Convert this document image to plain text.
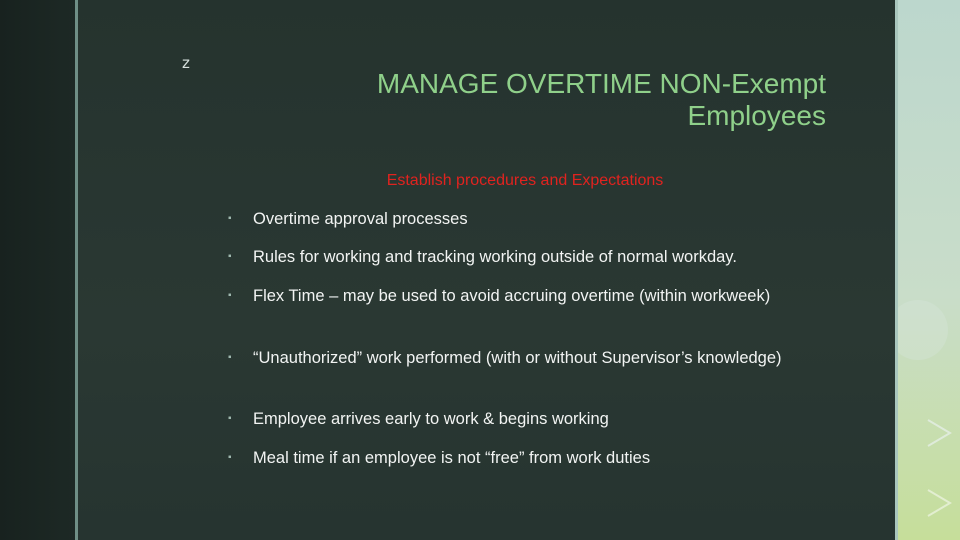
z
MANAGE OVERTIME NON-Exempt
Employees

Establish procedures and Expectations

▪	Overtime approval processes
▪	Rules for working and tracking working outside of normal workday.
▪	Flex Time – may be used to avoid accruing overtime (within workweek)
▪	“Unauthorized” work performed (with or without Supervisor’s knowledge)
▪	Employee arrives early to work & begins working
▪	Meal time if an employee is not “free” from work duties
